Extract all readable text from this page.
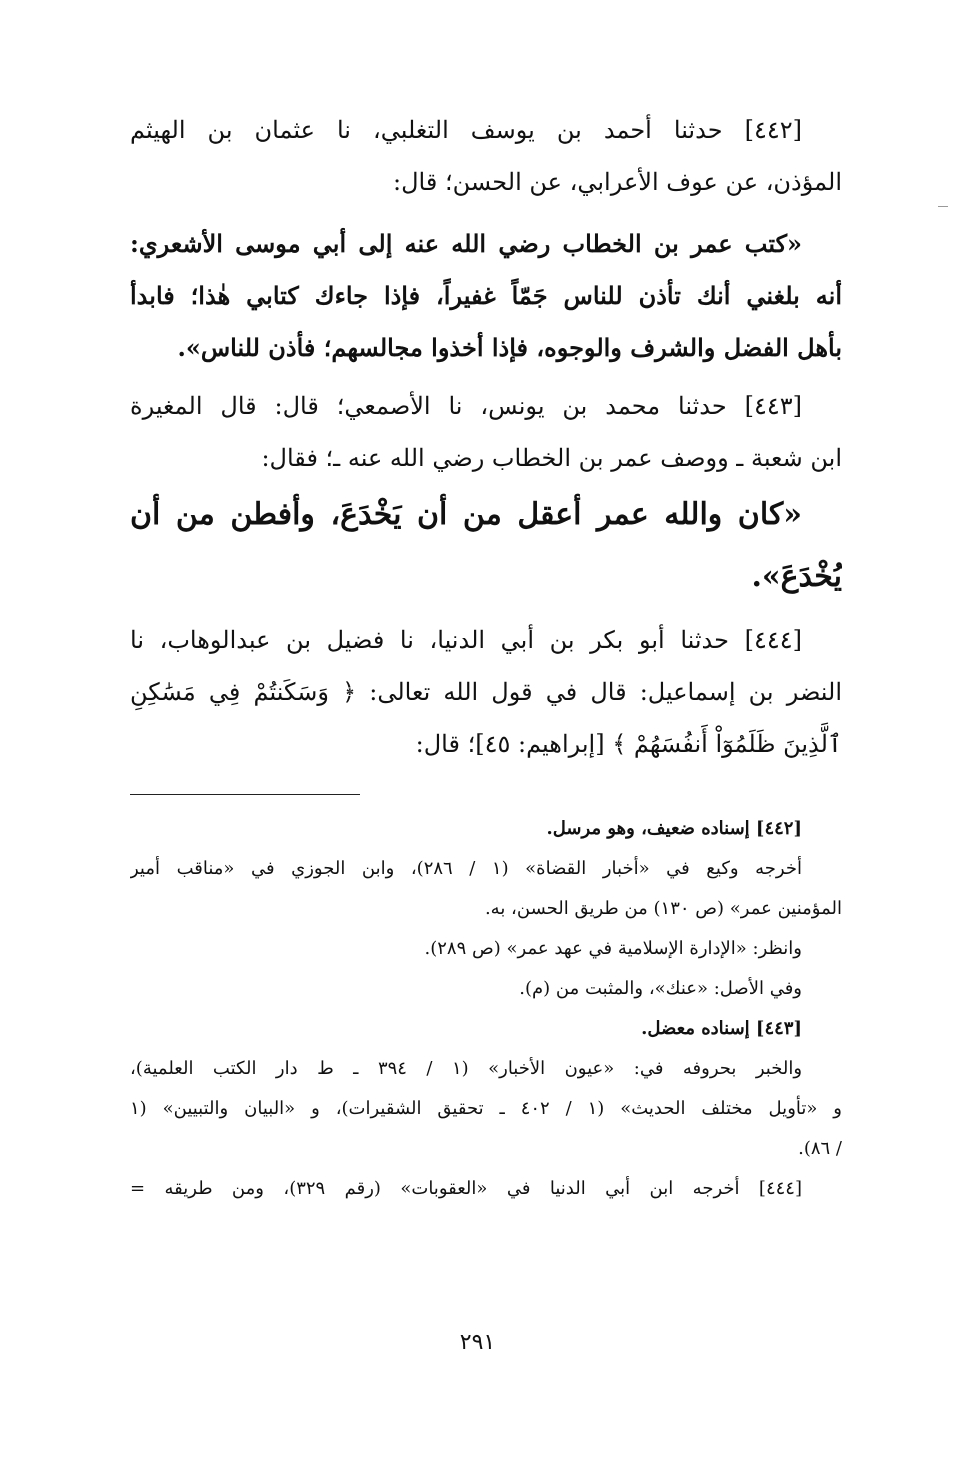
[٤٤٢] حدثنا أحمد بن يوسف التغلبي، نا عثمان بن الهيثم

المؤذن، عن عوف الأعرابي، عن الحسن؛ قال:

«كتب عمر بن الخطاب رضي الله عنه إلى أبي موسى الأشعري:

أنه بلغني أنك تأذن للناس جَمّاً غفيراً، فإذا جاءك كتابي هٰذا؛ فابدأ

بأهل الفضل والشرف والوجوه، فإذا أخذوا مجالسهم؛ فأذن للناس».

[٤٤٣] حدثنا محمد بن يونس، نا الأصمعي؛ قال: قال المغيرة

ابن شعبة ـ ووصف عمر بن الخطاب رضي الله عنه ـ؛ فقال:

«كان والله عمر أعقل من أن يَخْدَعَ، وأفطن من أن

يُخْدَعَ».

[٤٤٤] حدثنا أبو بكر بن أبي الدنيا، نا فضيل بن عبدالوهاب، نا

النضر بن إسماعيل: قال في قول الله تعالى: ﴿ وَسَكَنتُمْ فِي مَسَٰكِنِ

ٱلَّذِينَ ظَلَمُوٓاْ أَنفُسَهُمْ ﴾ [إبراهيم: ٤٥]؛ قال:

[٤٤٢] إسناده ضعيف، وهو مرسل.

أخرجه وكيع في «أخبار القضاة» (١ / ٢٨٦)، وابن الجوزي في «مناقب أمير

المؤمنين عمر» (ص ١٣٠) من طريق الحسن، به.

وانظر: «الإدارة الإسلامية في عهد عمر» (ص ٢٨٩).

وفي الأصل: «عنك»، والمثبت من (م).

[٤٤٣] إسناده معضل.

والخبر بحروفه في: «عيون الأخبار» (١ / ٣٩٤ ـ ط دار الكتب العلمية)،

و «تأويل مختلف الحديث» (١ / ٤٠٢ ـ تحقيق الشقيرات)، و «البيان والتبيين» (١

/ ٨٦).

[٤٤٤] أخرجه ابن أبي الدنيا في «العقوبات» (رقم ٣٢٩)، ومن طريقه =

٢٩١
